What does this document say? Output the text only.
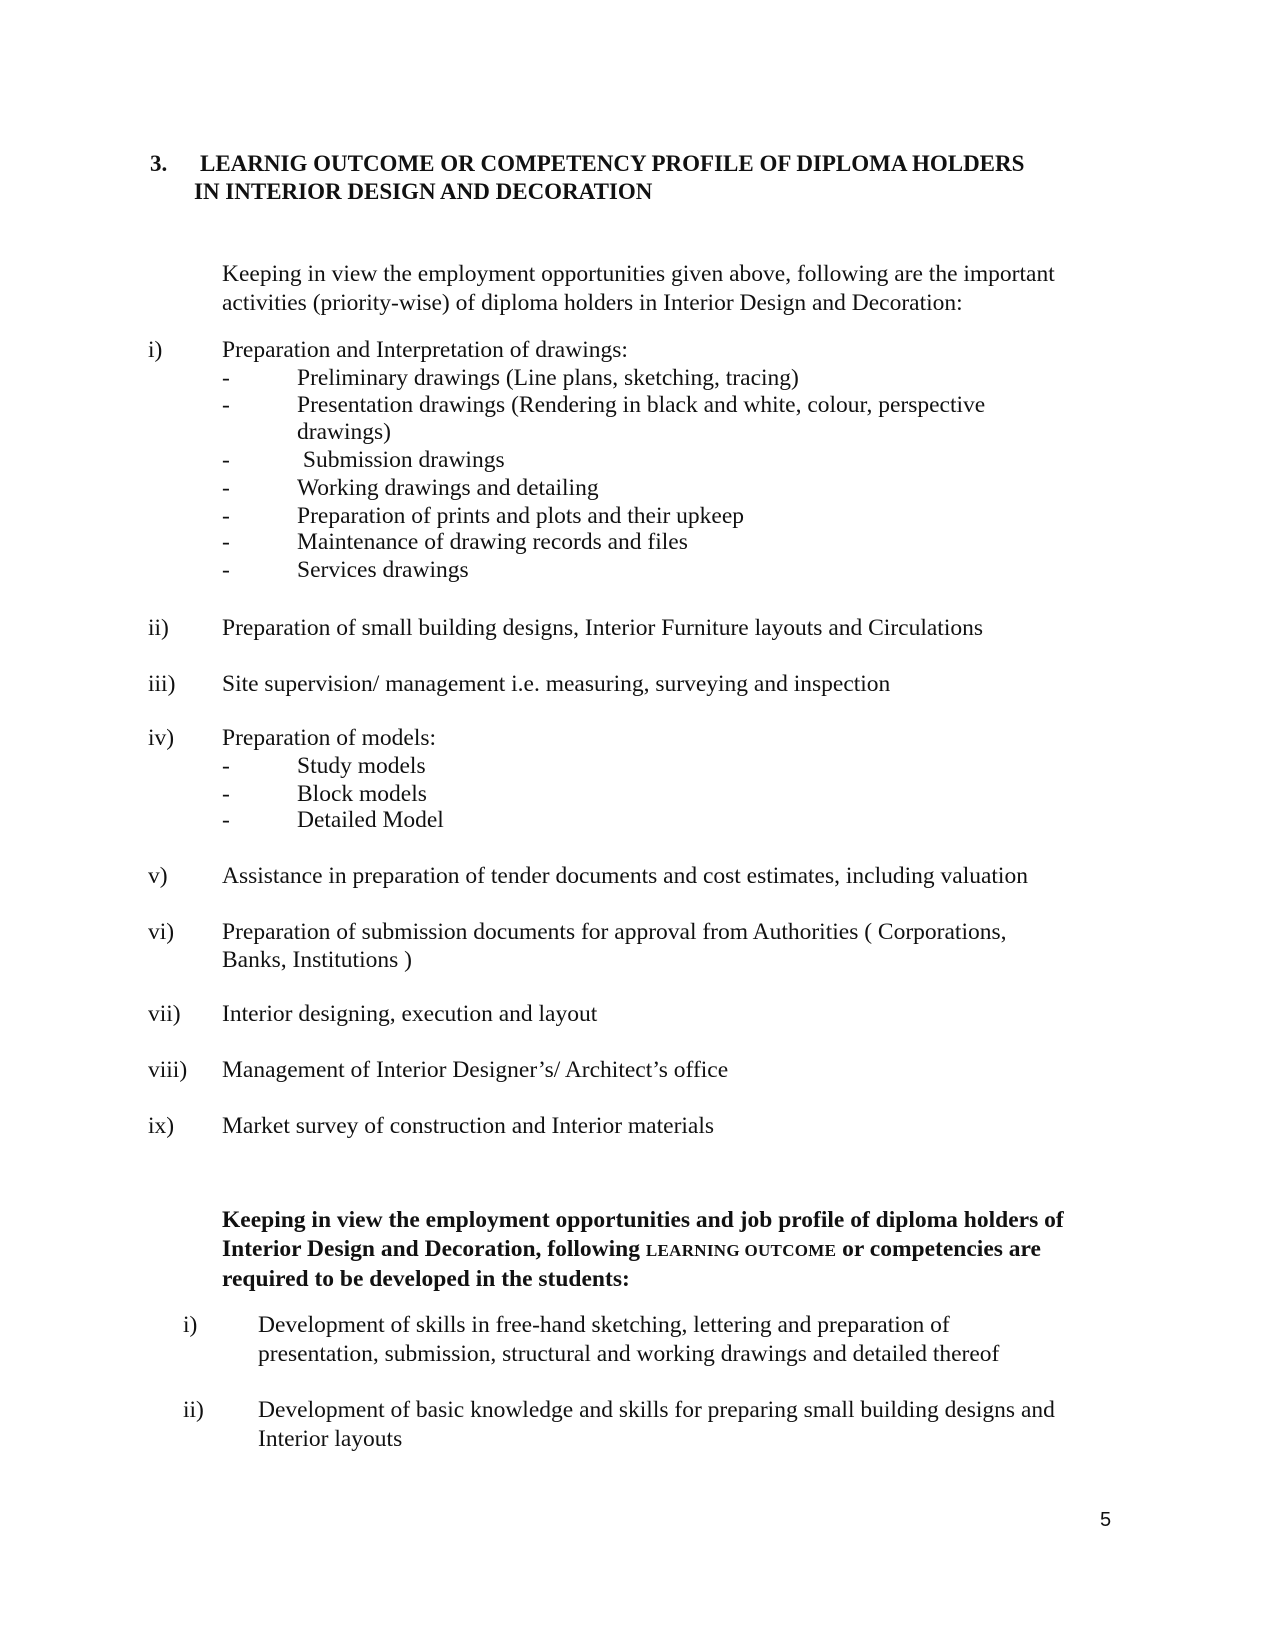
3. LEARNIG OUTCOME OR COMPETENCY PROFILE OF DIPLOMA HOLDERS
IN INTERIOR DESIGN AND DECORATION
Keeping in view the employment opportunities given above, following are the important
activities (priority-wise) of diploma holders in Interior Design and Decoration:
i)	Preparation and Interpretation of drawings:
-	Preliminary drawings (Line plans, sketching, tracing)
-	Presentation drawings (Rendering in black and white, colour, perspective
drawings)
-	Submission drawings
-	Working drawings and detailing
-	Preparation of prints and plots and their upkeep
-	Maintenance of drawing records and files
-	Services drawings
ii) Preparation of small building designs, Interior Furniture layouts and Circulations
iii) Site supervision/ management i.e. measuring, surveying and inspection
iv) Preparation of models:
-	Study models
-	Block models
-	Detailed Model
v) Assistance in preparation of tender documents and cost estimates, including valuation
vi) Preparation of submission documents for approval from Authorities ( Corporations,
Banks, Institutions )
vii) Interior designing, execution and layout
viii) Management of Interior Designer’s/ Architect’s office
ix) Market survey of construction and Interior materials
Keeping in view the employment opportunities and job profile of diploma holders of
Interior Design and Decoration, following LEARNING OUTCOME or competencies are
required to be developed in the students:
i)	Development of skills in free-hand sketching, lettering and preparation of
presentation, submission, structural and working drawings and detailed thereof
ii) Development of basic knowledge and skills for preparing small building designs and
Interior layouts
5
